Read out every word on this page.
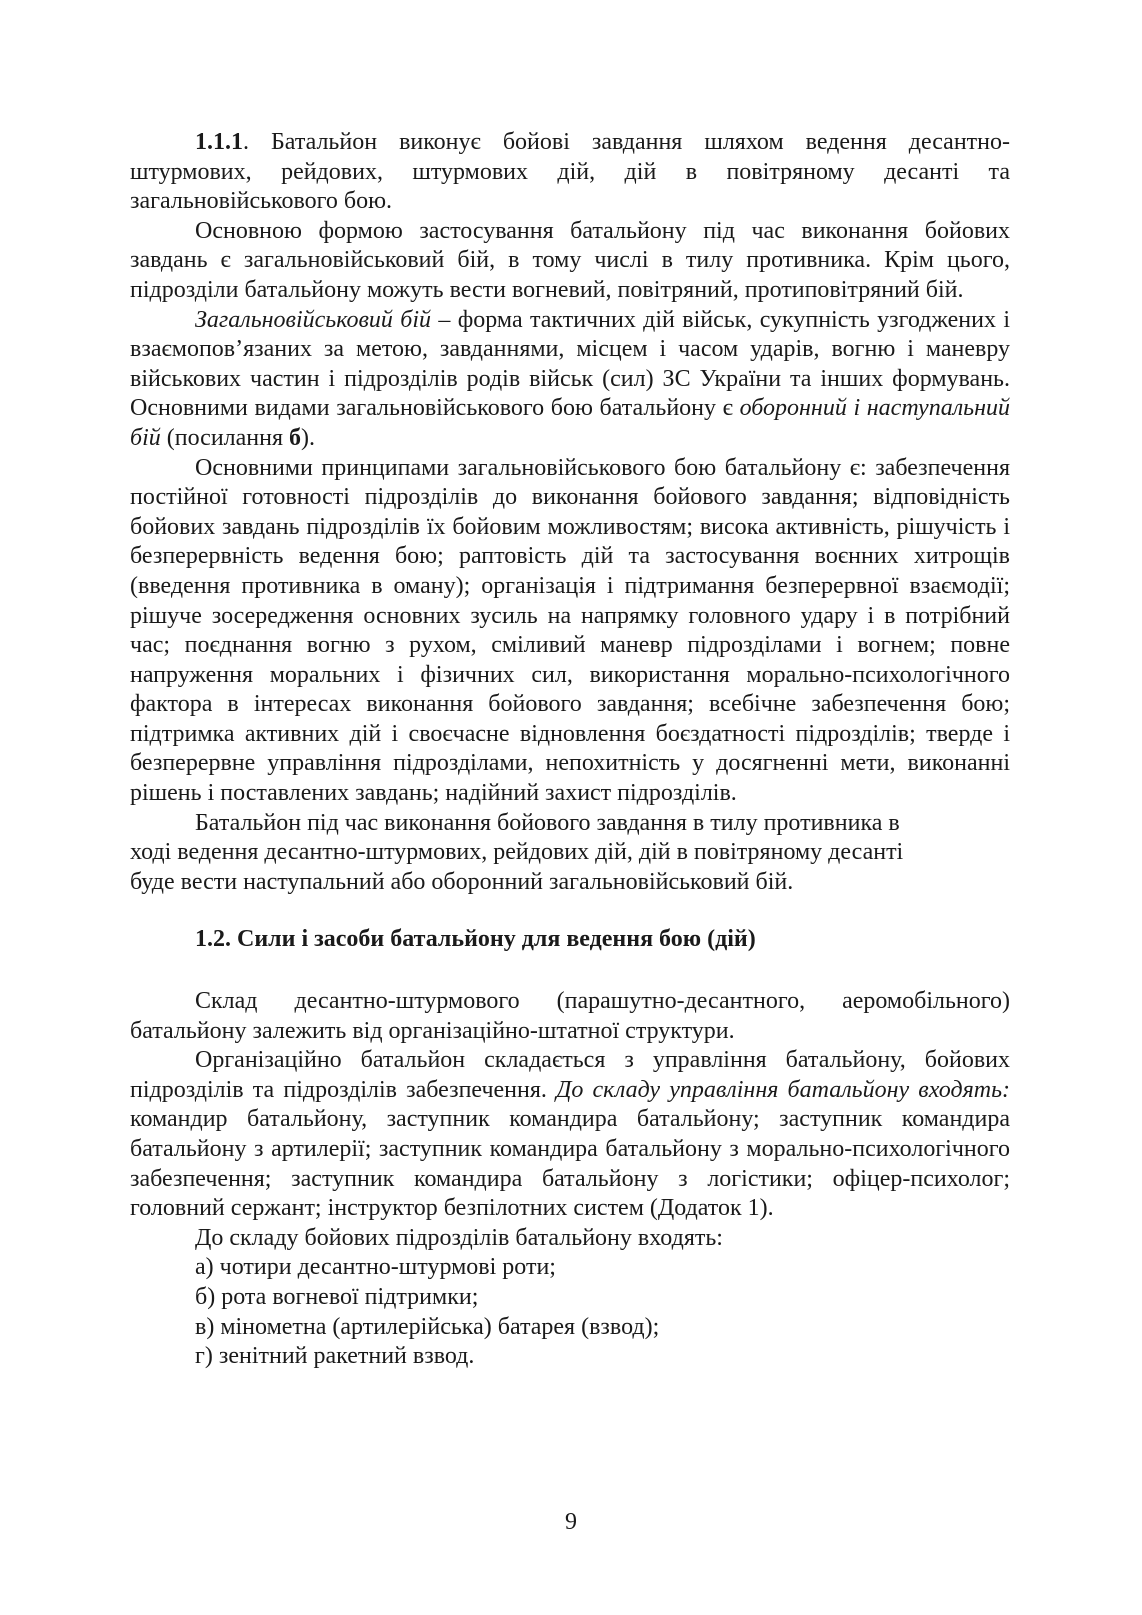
1.1.1. Батальйон виконує бойові завдання шляхом ведення десантно-штурмових, рейдових, штурмових дій, дій в повітряному десанті та загальновійськового бою.

Основною формою застосування батальйону під час виконання бойових завдань є загальновійськовий бій, в тому числі в тилу противника. Крім цього, підрозділи батальйону можуть вести вогневий, повітряний, протиповітряний бій.

Загальновійськовий бій – форма тактичних дій військ, сукупність узгоджених і взаємопов’язаних за метою, завданнями, місцем і часом ударів, вогню і маневру військових частин і підрозділів родів військ (сил) ЗС України та інших формувань. Основними видами загальновійськового бою батальйону є оборонний і наступальний бій (посилання б).

Основними принципами загальновійськового бою батальйону є: забезпечення постійної готовності підрозділів до виконання бойового завдання; відповідність бойових завдань підрозділів їх бойовим можливостям; висока активність, рішучість і безперервність ведення бою; раптовість дій та застосування воєнних хитрощів (введення противника в оману); організація і підтримання безперервної взаємодії; рішуче зосередження основних зусиль на напрямку головного удару і в потрібний час; поєднання вогню з рухом, сміливий маневр підрозділами і вогнем; повне напруження моральних і фізичних сил, використання морально-психологічного фактора в інтересах виконання бойового завдання; всебічне забезпечення бою; підтримка активних дій і своєчасне відновлення боєздатності підрозділів; тверде і безперервне управління підрозділами, непохитність у досягненні мети, виконанні рішень і поставлених завдань; надійний захист підрозділів.

Батальйон під час виконання бойового завдання в тилу противника в
ході ведення десантно-штурмових, рейдових дій, дій в повітряному десанті
буде вести наступальний або оборонний загальновійськовий бій.

1.2. Сили і засоби батальйону для ведення бою (дій)

Склад десантно-штурмового (парашутно-десантного, аеромобільного) батальйону залежить від організаційно-штатної структури.

Організаційно батальйон складається з управління батальйону, бойових підрозділів та підрозділів забезпечення. До складу управління батальйону входять: командир батальйону, заступник командира батальйону; заступник командира батальйону з артилерії; заступник командира батальйону з морально-психологічного забезпечення; заступник командира батальйону з логістики; офіцер-психолог; головний сержант; інструктор безпілотних систем (Додаток 1).

До складу бойових підрозділів батальйону входять:

а) чотири десантно-штурмові роти;
б) рота вогневої підтримки;
в) мінометна (артилерійська) батарея (взвод);
г) зенітний ракетний взвод.
9
